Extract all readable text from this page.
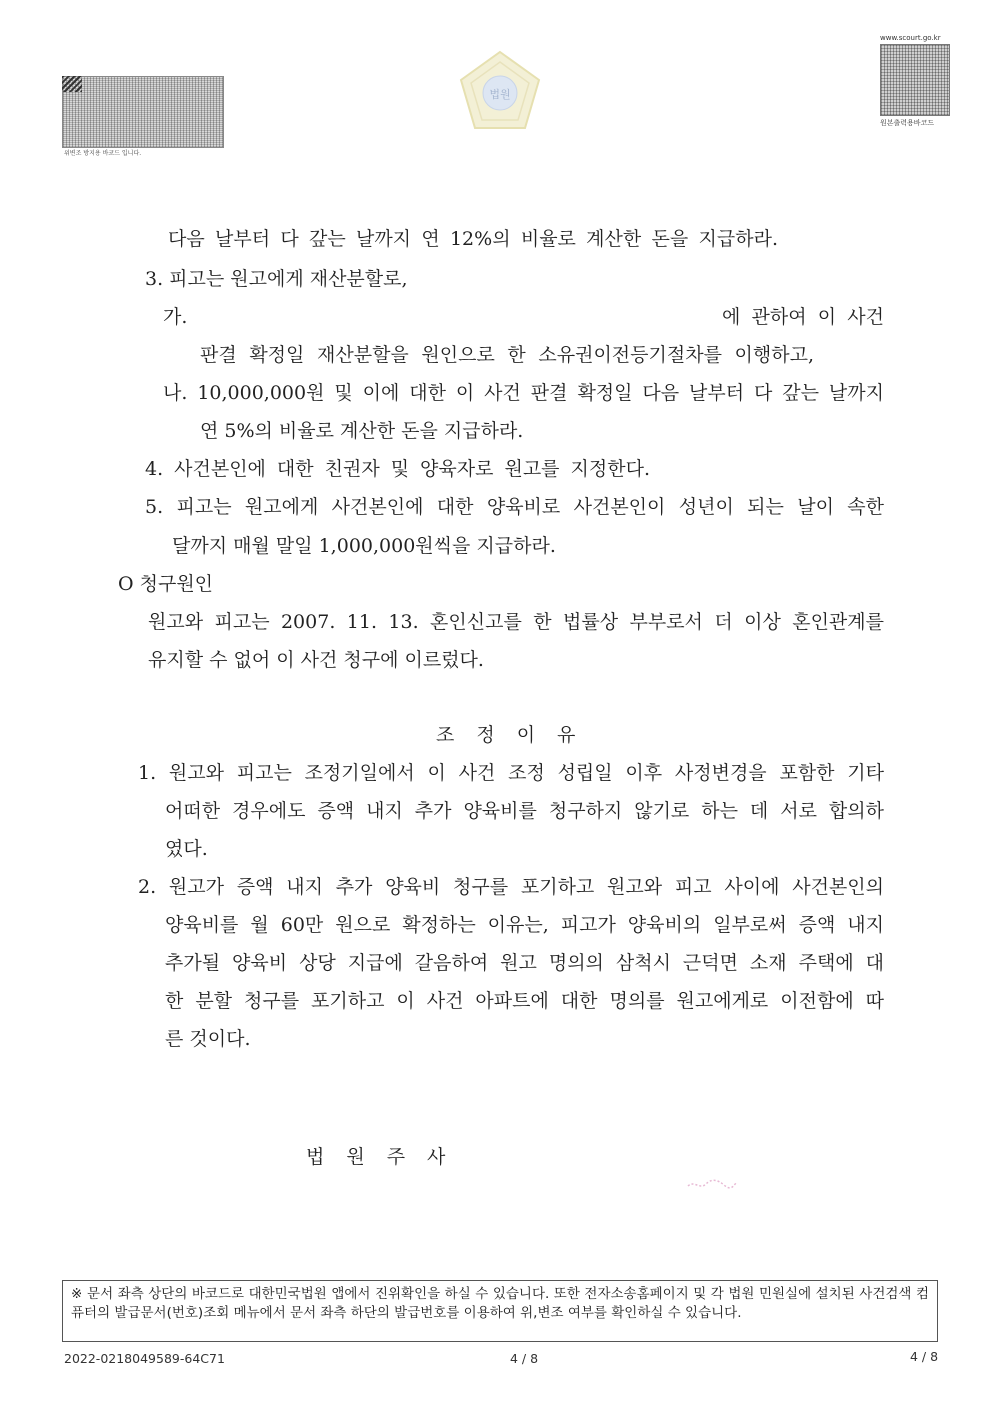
위변조 방지용 바코드 입니다.
www.scourt.go.kr
원본출력용바코드
법원
다음 날부터 다 갚는 날까지 연 12%의 비율로 계산한 돈을 지급하라.
3. 피고는 원고에게 재산분할로,
가.	에 관하여 이 사건
판결 확정일 재산분할을 원인으로 한 소유권이전등기절차를 이행하고,
나. 10,000,000원 및 이에 대한 이 사건 판결 확정일 다음 날부터 다 갚는 날까지
연 5%의 비율로 계산한 돈을 지급하라.
4. 사건본인에 대한 친권자 및 양육자로 원고를 지정한다.
5. 피고는 원고에게 사건본인에 대한 양육비로 사건본인이 성년이 되는 날이 속한
달까지 매월 말일 1,000,000원씩을 지급하라.
O 청구원인
원고와 피고는 2007. 11. 13. 혼인신고를 한 법률상 부부로서 더 이상 혼인관계를
유지할 수 없어 이 사건 청구에 이르렀다.
조정이유
1. 원고와 피고는 조정기일에서 이 사건 조정 성립일 이후 사정변경을 포함한 기타
어떠한 경우에도 증액 내지 추가 양육비를 청구하지 않기로 하는 데 서로 합의하
였다.
2. 원고가 증액 내지 추가 양육비 청구를 포기하고 원고와 피고 사이에 사건본인의
양육비를 월 60만 원으로 확정하는 이유는, 피고가 양육비의 일부로써 증액 내지
추가될 양육비 상당 지급에 갈음하여 원고 명의의 삼척시 근덕면 소재 주택에 대
한 분할 청구를 포기하고 이 사건 아파트에 대한 명의를 원고에게로 이전함에 따
른 것이다.
법원주사
※ 문서 좌측 상단의 바코드로 대한민국법원 앱에서 진위확인을 하실 수 있습니다. 또한 전자소송홈페이지 및 각 법원 민원실에 설치된 사건검색 컴퓨터의 발급문서(번호)조회 메뉴에서 문서 좌측 하단의 발급번호를 이용하여 위,변조 여부를 확인하실 수 있습니다.
2022-0218049589-64C71	4 / 8	4 / 8
